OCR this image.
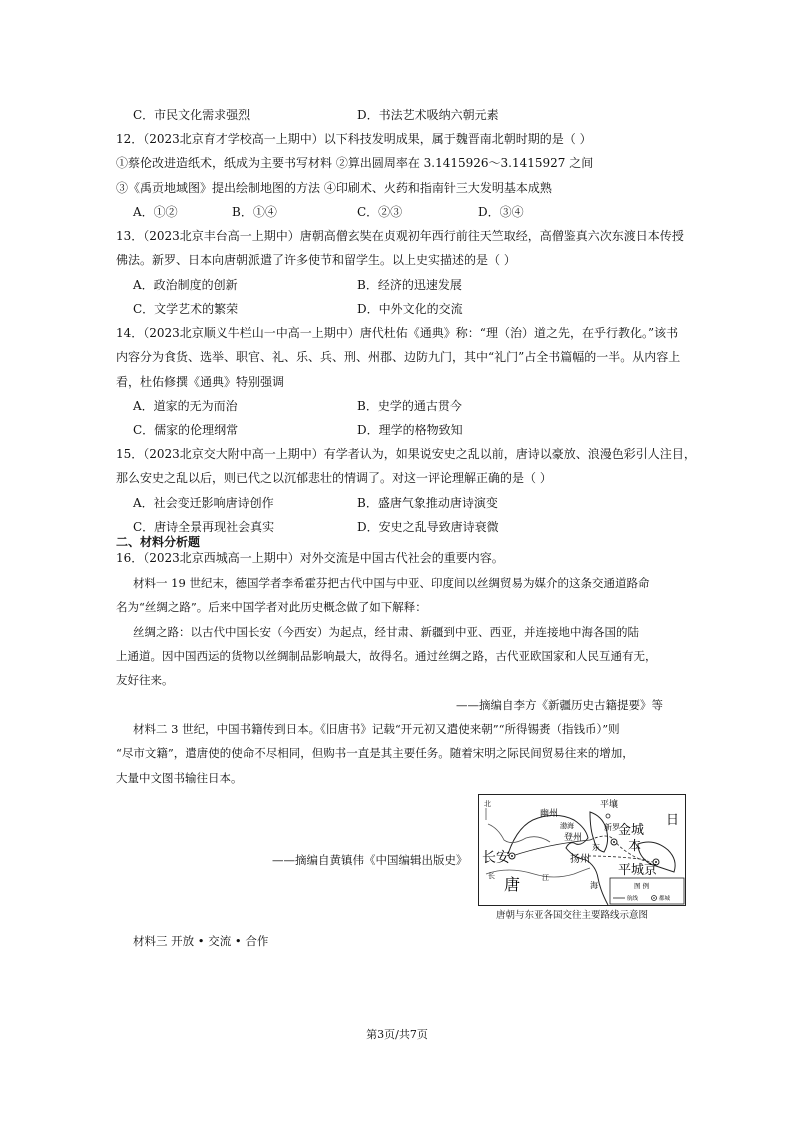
C．市民文化需求强烈	D．书法艺术吸纳六朝元素
12．（2023北京育才学校高一上期中）以下科技发明成果，属于魏晋南北朝时期的是（ ）
①蔡伦改进造纸术，纸成为主要书写材料 ②算出圆周率在 3.1415926～3.1415927 之间
③《禹贡地域图》提出绘制地图的方法 ④印刷术、火药和指南针三大发明基本成熟
A．①②	B．①④	C．②③	D．③④
13．（2023北京丰台高一上期中）唐朝高僧玄奘在贞观初年西行前往天竺取经，高僧鉴真六次东渡日本传授
佛法。新罗、日本向唐朝派遣了许多使节和留学生。以上史实描述的是（ ）
A．政治制度的创新	B．经济的迅速发展
C．文学艺术的繁荣	D．中外文化的交流
14．（2023北京顺义牛栏山一中高一上期中）唐代杜佑《通典》称：“理（治）道之先，在乎行教化。”该书
内容分为食货、选举、职官、礼、乐、兵、刑、州郡、边防九门，其中“礼门”占全书篇幅的一半。从内容上
看，杜佑修撰《通典》特别强调
A．道家的无为而治	B．史学的通古贯今
C．儒家的伦理纲常	D．理学的格物致知
15．（2023北京交大附中高一上期中）有学者认为，如果说安史之乱以前，唐诗以豪放、浪漫色彩引人注目，
那么安史之乱以后，则已代之以沉郁悲壮的情调了。对这一评论理解正确的是（ ）
A．社会变迁影响唐诗创作	B．盛唐气象推动唐诗演变
C．唐诗全景再现社会真实	D．安史之乱导致唐诗衰微
二、材料分析题
16．（2023北京西城高一上期中）对外交流是中国古代社会的重要内容。
材料一 19 世纪末，德国学者李希霍芬把古代中国与中亚、印度间以丝绸贸易为媒介的这条交通道路命
名为“丝绸之路”。后来中国学者对此历史概念做了如下解释：
丝绸之路：以古代中国长安（今西安）为起点，经甘肃、新疆到中亚、西亚，并连接地中海各国的陆
上通道。因中国西运的货物以丝绸制品影响最大，故得名。通过丝绸之路，古代亚欧国家和人民互通有无，
友好往来。
——摘编自李方《新疆历史古籍提要》等
材料二 3 世纪，中国书籍传到日本。《旧唐书》记载“开元初又遣使来朝”“所得锡赉（指钱币）”则
“尽市文籍”，遣唐使的使命不尽相同，但购书一直是其主要任务。随着宋明之际民间贸易往来的增加，
大量中文图书输往日本。
——摘编自黄镇伟《中国编辑出版史》
北
幽州
平壤
渤海	新罗
金城
日
本
平城京
登州
东
扬州
长安
唐
长	江
海	图 例
航线	都城
唐朝与东亚各国交往主要路线示意图
材料三 开放 • 交流 • 合作
第3页/共7页
